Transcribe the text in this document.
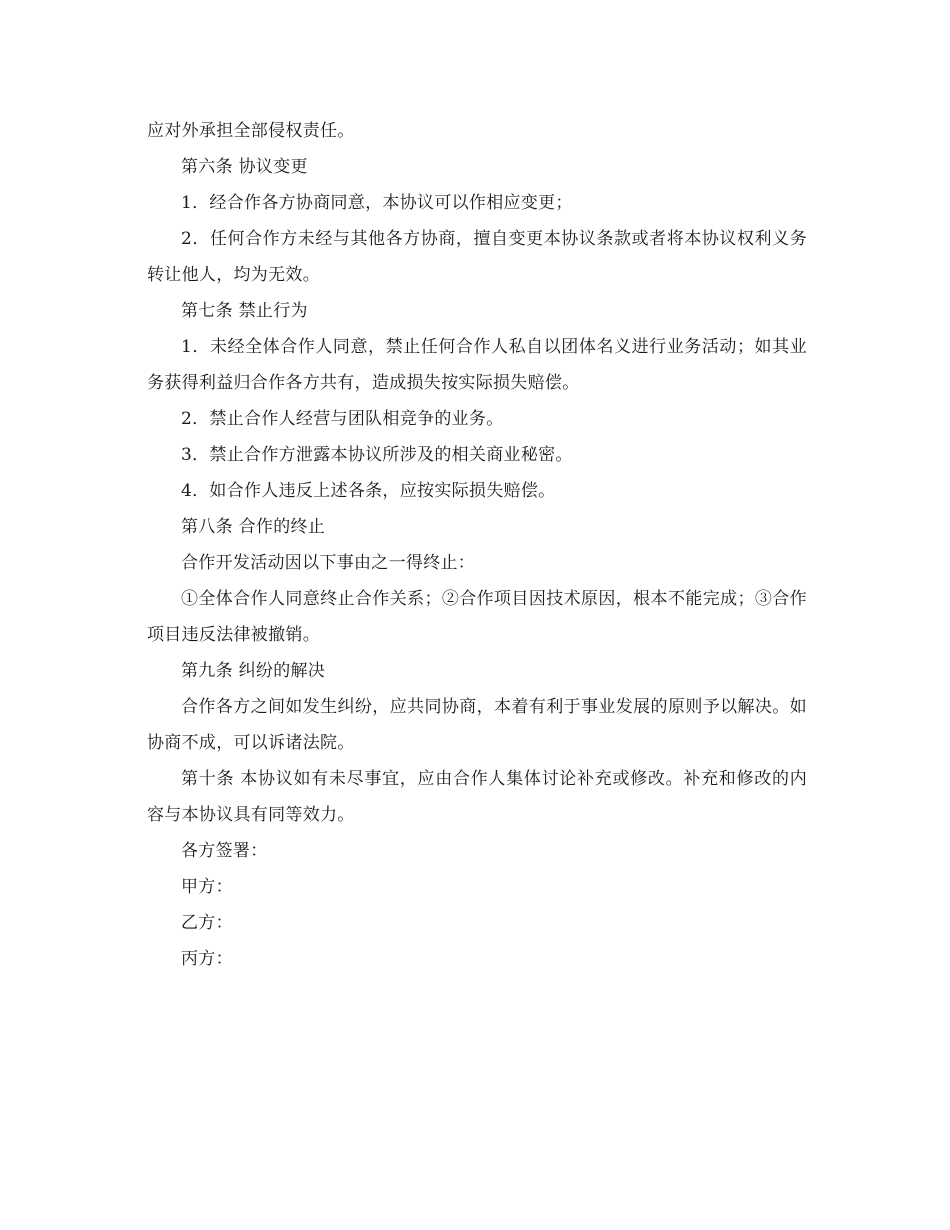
应对外承担全部侵权责任。

第六条 协议变更

1．经合作各方协商同意，本协议可以作相应变更；

2．任何合作方未经与其他各方协商，擅自变更本协议条款或者将本协议权利义务转让他人，均为无效。

第七条 禁止行为

1．未经全体合作人同意，禁止任何合作人私自以团体名义进行业务活动；如其业务获得利益归合作各方共有，造成损失按实际损失赔偿。

2．禁止合作人经营与团队相竞争的业务。

3．禁止合作方泄露本协议所涉及的相关商业秘密。

4．如合作人违反上述各条，应按实际损失赔偿。

第八条 合作的终止

合作开发活动因以下事由之一得终止：

①全体合作人同意终止合作关系；②合作项目因技术原因，根本不能完成；③合作项目违反法律被撤销。

第九条 纠纷的解决

合作各方之间如发生纠纷，应共同协商，本着有利于事业发展的原则予以解决。如协商不成，可以诉诸法院。

第十条 本协议如有未尽事宜，应由合作人集体讨论补充或修改。补充和修改的内容与本协议具有同等效力。

各方签署：

甲方：

乙方：

丙方：
